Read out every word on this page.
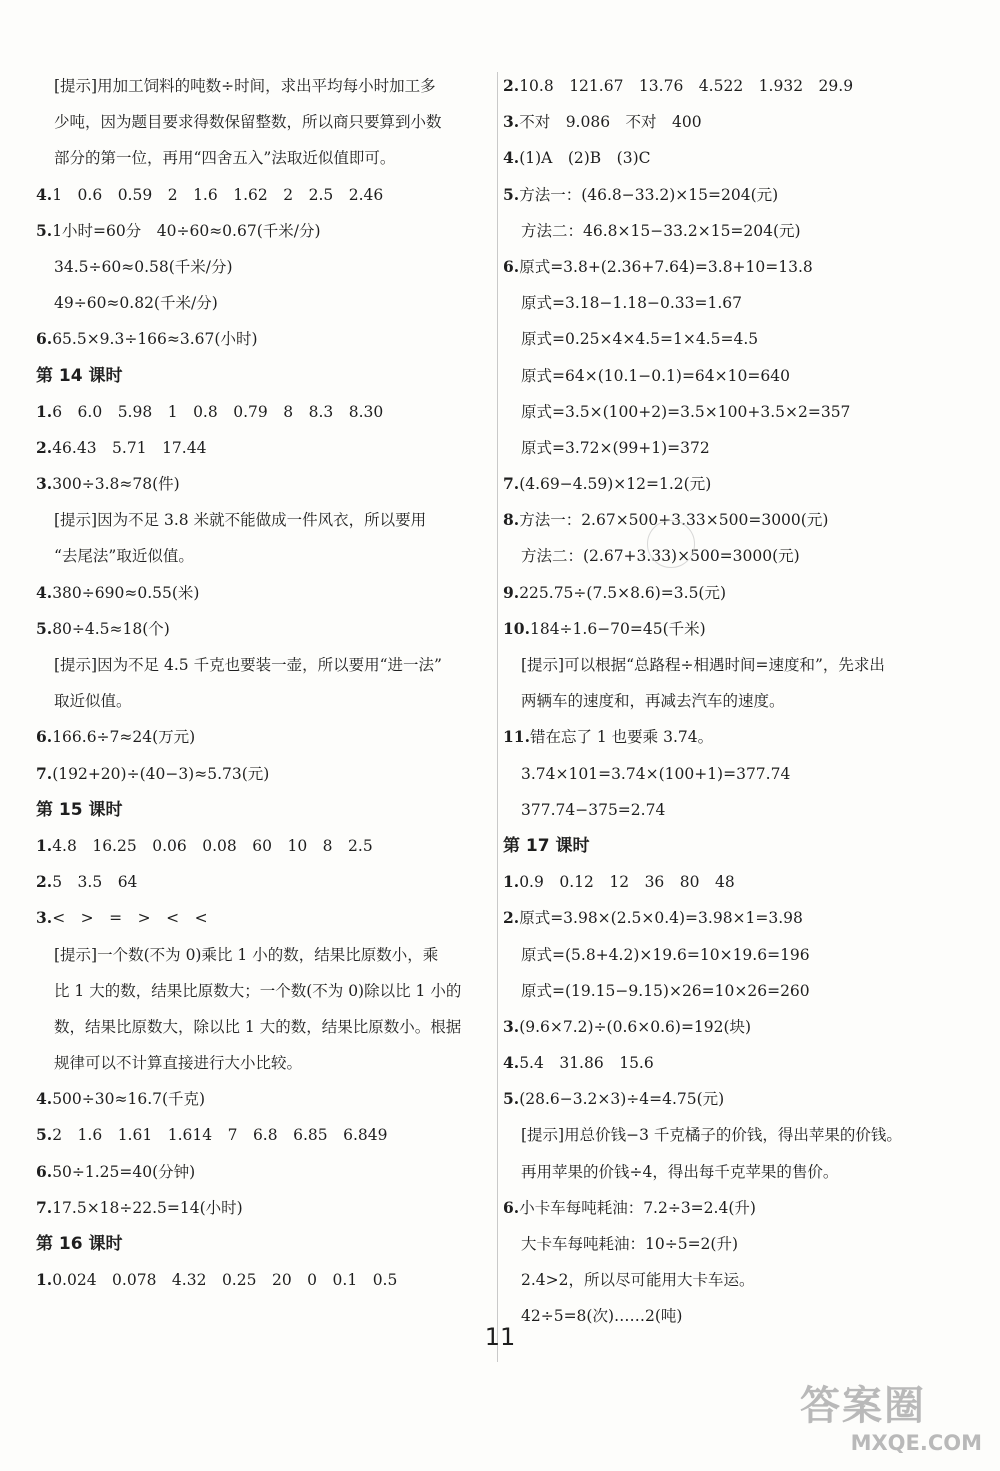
[提示]用加工饲料的吨数÷时间，求出平均每小时加工多
少吨，因为题目要求得数保留整数，所以商只要算到小数
部分的第一位，再用“四舍五入”法取近似值即可。
4.1　0.6　0.59　2　1.6　1.62　2　2.5　2.46
5.1小时=60分　40÷60≈0.67(千米/分)
34.5÷60≈0.58(千米/分)
49÷60≈0.82(千米/分)
6.65.5×9.3÷166≈3.67(小时)
第 14 课时
1.6　6.0　5.98　1　0.8　0.79　8　8.3　8.30
2.46.43　5.71　17.44
3.300÷3.8≈78(件)
[提示]因为不足 3.8 米就不能做成一件风衣，所以要用
“去尾法”取近似值。
4.380÷690≈0.55(米)
5.80÷4.5≈18(个)
[提示]因为不足 4.5 千克也要装一壶，所以要用“进一法”
取近似值。
6.166.6÷7≈24(万元)
7.(192+20)÷(40−3)≈5.73(元)
第 15 课时
1.4.8　16.25　0.06　0.08　60　10　8　2.5
2.5　3.5　64
3.<　>　=　>　<　<
[提示]一个数(不为 0)乘比 1 小的数，结果比原数小，乘
比 1 大的数，结果比原数大；一个数(不为 0)除以比 1 小的
数，结果比原数大，除以比 1 大的数，结果比原数小。根据
规律可以不计算直接进行大小比较。
4.500÷30≈16.7(千克)
5.2　1.6　1.61　1.614　7　6.8　6.85　6.849
6.50÷1.25=40(分钟)
7.17.5×18÷22.5=14(小时)
第 16 课时
1.0.024　0.078　4.32　0.25　20　0　0.1　0.5
2.10.8　121.67　13.76　4.522　1.932　29.9
3.不对　9.086　不对　400
4.(1)A　(2)B　(3)C
5.方法一：(46.8−33.2)×15=204(元)
方法二：46.8×15−33.2×15=204(元)
6.原式=3.8+(2.36+7.64)=3.8+10=13.8
原式=3.18−1.18−0.33=1.67
原式=0.25×4×4.5=1×4.5=4.5
原式=64×(10.1−0.1)=64×10=640
原式=3.5×(100+2)=3.5×100+3.5×2=357
原式=3.72×(99+1)=372
7.(4.69−4.59)×12=1.2(元)
8.方法一：2.67×500+3.33×500=3000(元)
方法二：(2.67+3.33)×500=3000(元)
9.225.75÷(7.5×8.6)=3.5(元)
10.184÷1.6−70=45(千米)
[提示]可以根据“总路程÷相遇时间=速度和”，先求出
两辆车的速度和，再减去汽车的速度。
11.错在忘了 1 也要乘 3.74。
3.74×101=3.74×(100+1)=377.74
377.74−375=2.74
第 17 课时
1.0.9　0.12　12　36　80　48
2.原式=3.98×(2.5×0.4)=3.98×1=3.98
原式=(5.8+4.2)×19.6=10×19.6=196
原式=(19.15−9.15)×26=10×26=260
3.(9.6×7.2)÷(0.6×0.6)=192(块)
4.5.4　31.86　15.6
5.(28.6−3.2×3)÷4=4.75(元)
[提示]用总价钱−3 千克橘子的价钱，得出苹果的价钱。
再用苹果的价钱÷4，得出每千克苹果的售价。
6.小卡车每吨耗油：7.2÷3=2.4(升)
大卡车每吨耗油：10÷5=2(升)
2.4>2，所以尽可能用大卡车运。
42÷5=8(次)……2(吨)
11
答案圈
MXQE.COM
